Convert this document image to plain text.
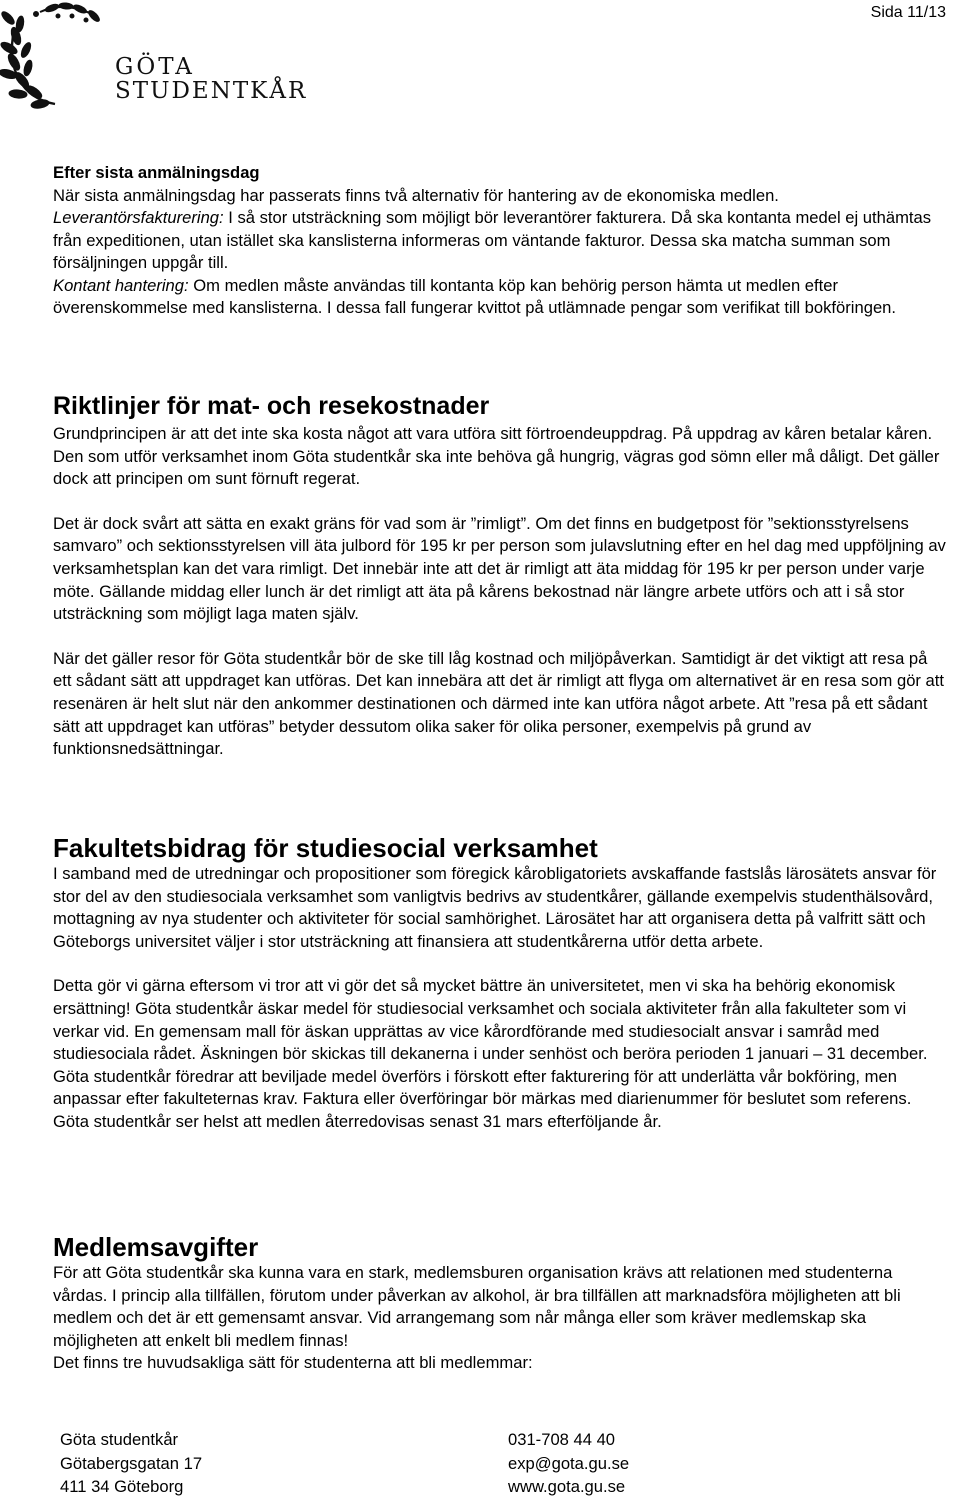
Sida 11/13
GÖTA
STUDENTKÅR
Efter sista anmälningsdag
När sista anmälningsdag har passerats finns två alternativ för hantering av de ekonomiska medlen.
Leverantörsfakturering: I så stor utsträckning som möjligt bör leverantörer fakturera. Då ska kontanta medel ej uthämtas från expeditionen, utan istället ska kanslisterna informeras om väntande fakturor. Dessa ska matcha summan som försäljningen uppgår till.
Kontant hantering: Om medlen måste användas till kontanta köp kan behörig person hämta ut medlen efter överenskommelse med kanslisterna. I dessa fall fungerar kvittot på utlämnade pengar som verifikat till bokföringen.
Riktlinjer för mat- och resekostnader

Grundprincipen är att det inte ska kosta något att vara utföra sitt förtroendeuppdrag. På uppdrag av kåren betalar kåren. Den som utför verksamhet inom Göta studentkår ska inte behöva gå hungrig, vägras god sömn eller må dåligt. Det gäller dock att principen om sunt förnuft regerat.

Det är dock svårt att sätta en exakt gräns för vad som är ”rimligt”. Om det finns en budgetpost för ”sektionsstyrelsens samvaro” och sektionsstyrelsen vill äta julbord för 195 kr per person som julavslutning efter en hel dag med uppföljning av verksamhetsplan kan det vara rimligt. Det innebär inte att det är rimligt att äta middag för 195 kr per person under varje möte. Gällande middag eller lunch är det rimligt att äta på kårens bekostnad när längre arbete utförs och att i så stor utsträckning som möjligt laga maten själv.

När det gäller resor för Göta studentkår bör de ske till låg kostnad och miljöpåverkan. Samtidigt är det viktigt att resa på ett sådant sätt att uppdraget kan utföras. Det kan innebära att det är rimligt att flyga om alternativet är en resa som gör att resenären är helt slut när den ankommer destinationen och därmed inte kan utföra något arbete. Att ”resa på ett sådant sätt att uppdraget kan utföras” betyder dessutom olika saker för olika personer, exempelvis på grund av funktionsnedsättningar.

Fakultetsbidrag för studiesocial verksamhet

I samband med de utredningar och propositioner som föregick kårobligatoriets avskaffande fastslås lärosätets ansvar för stor del av den studiesociala verksamhet som vanligtvis bedrivs av studentkårer, gällande exempelvis studenthälsovård, mottagning av nya studenter och aktiviteter för social samhörighet. Lärosätet har att organisera detta på valfritt sätt och Göteborgs universitet väljer i stor utsträckning att finansiera att studentkårerna utför detta arbete.

Detta gör vi gärna eftersom vi tror att vi gör det så mycket bättre än universitetet, men vi ska ha behörig ekonomisk ersättning! Göta studentkår äskar medel för studiesocial verksamhet och sociala aktiviteter från alla fakulteter som vi verkar vid. En gemensam mall för äskan upprättas av vice kårordförande med studiesocialt ansvar i samråd med studiesociala rådet. Äskningen bör skickas till dekanerna i under senhöst och beröra perioden 1 januari – 31 december. Göta studentkår föredrar att beviljade medel överförs i förskott efter fakturering för att underlätta vår bokföring, men anpassar efter fakulteternas krav. Faktura eller överföringar bör märkas med diarienummer för beslutet som referens. Göta studentkår ser helst att medlen återredovisas senast 31 mars efterföljande år.

Medlemsavgifter

För att Göta studentkår ska kunna vara en stark, medlemsburen organisation krävs att relationen med studenterna vårdas. I princip alla tillfällen, förutom under påverkan av alkohol, är bra tillfällen att marknadsföra möjligheten att bli medlem och det är ett gemensamt ansvar. Vid arrangemang som når många eller som kräver medlemskap ska möjligheten att enkelt bli medlem finnas!

Det finns tre huvudsakliga sätt för studenterna att bli medlemmar:

Göta studentkår
Götabergsgatan 17
411 34 Göteborg
031-708 44 40
exp@gota.gu.se
www.gota.gu.se
